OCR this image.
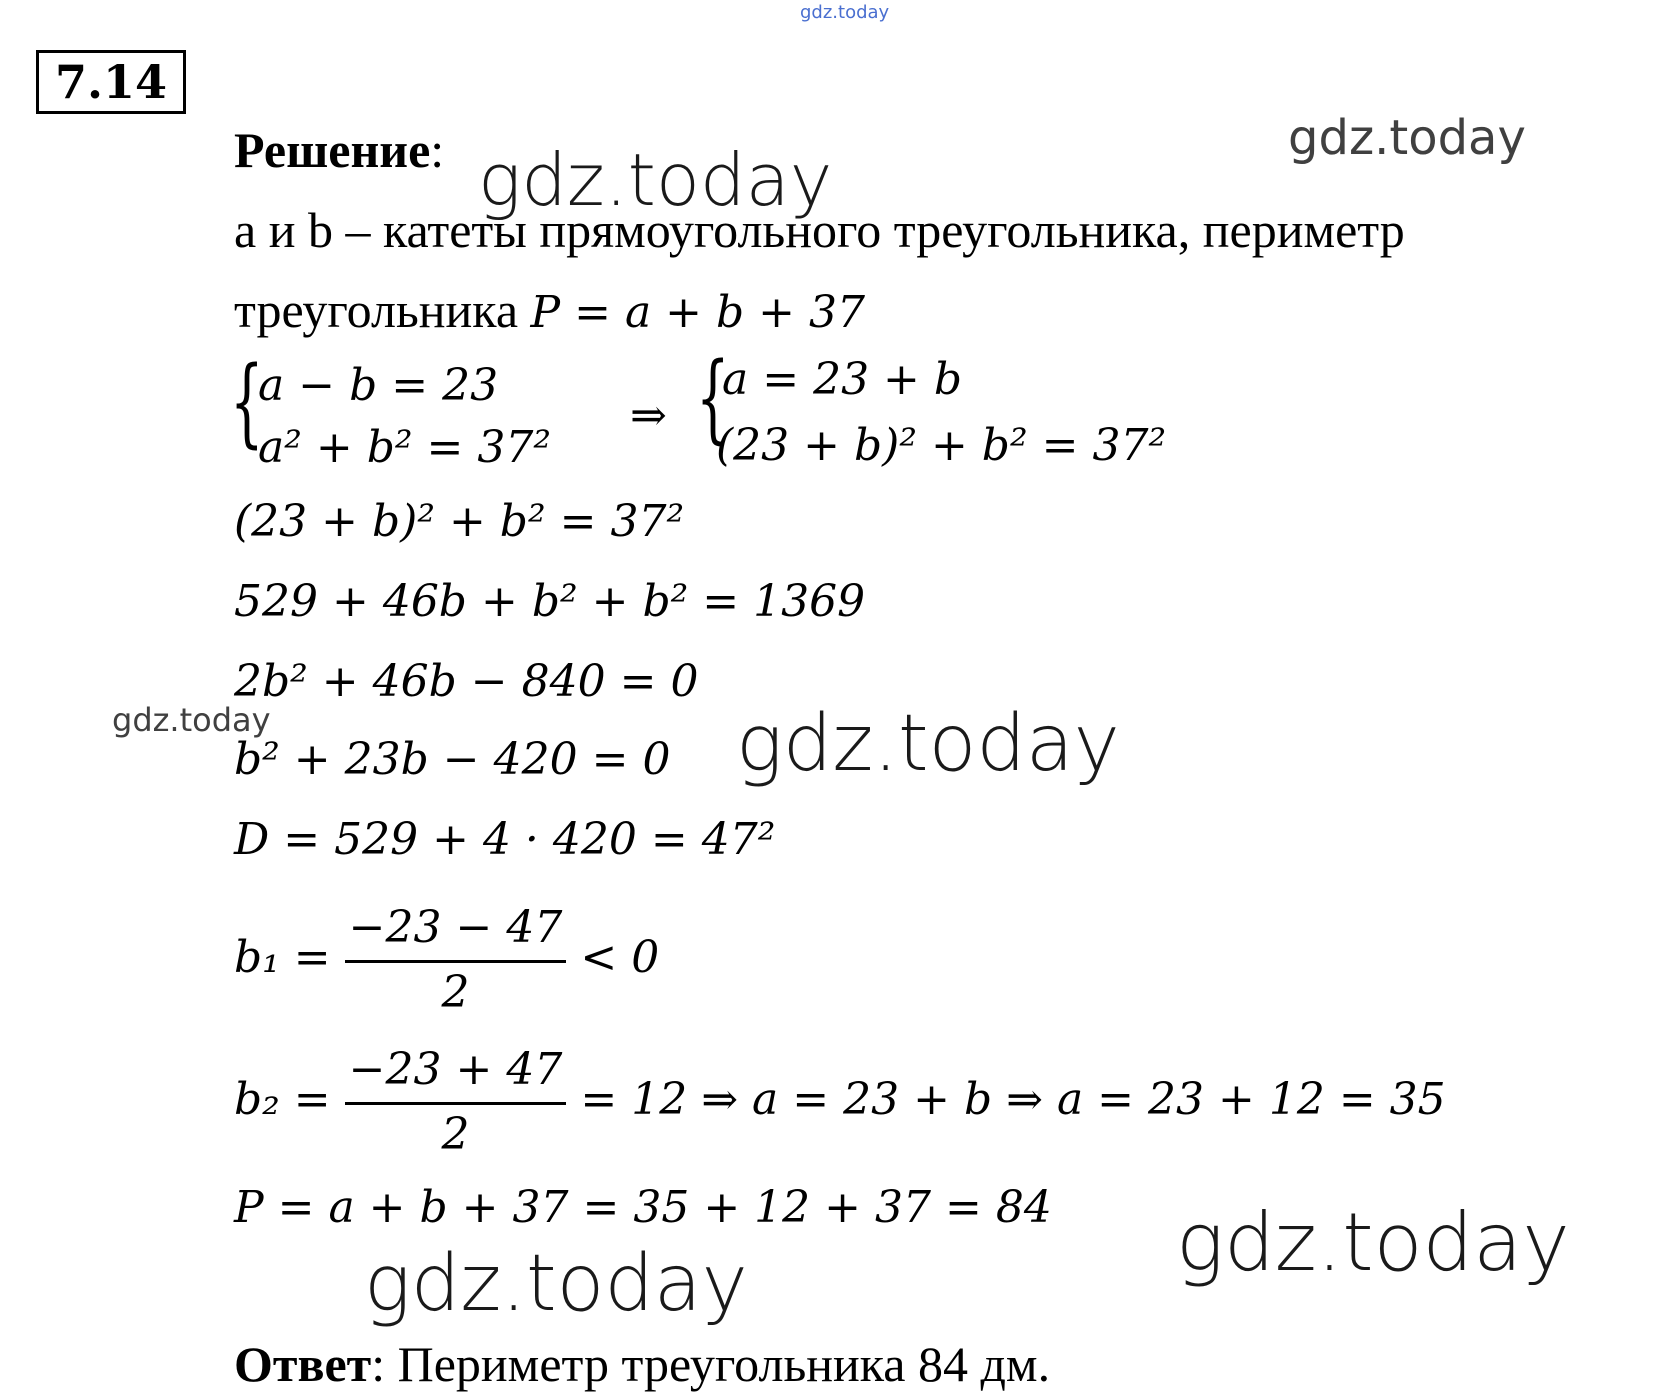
gdz.today
7.14
Решение: gdz.today	gdz.today
a и b – катеты прямоугольного треугольника, периметр
треугольника P = a + b + 37
{
a − b = 23
a² + b² = 37²
⇒ {
a = 23 + b
(23 + b)² + b² = 37²
(23 + b)² + b² = 37²
529 + 46b + b² + b² = 1369
2b² + 46b − 840 = 0
gdz.today
b² + 23b − 420 = 0 gdz.today
D = 529 + 4 · 420 = 47²
$b_1 = \frac{-23 - 47}{2} < 0$
$b_2 = \frac{-23 + 47}{2} = 12$ ⇒ a = 23 + b ⇒ a = 23 + 12 = 35
P = a + b + 37 = 35 + 12 + 37 = 84 gdz.today
gdz.today
Ответ: Периметр треугольника 84 дм.
